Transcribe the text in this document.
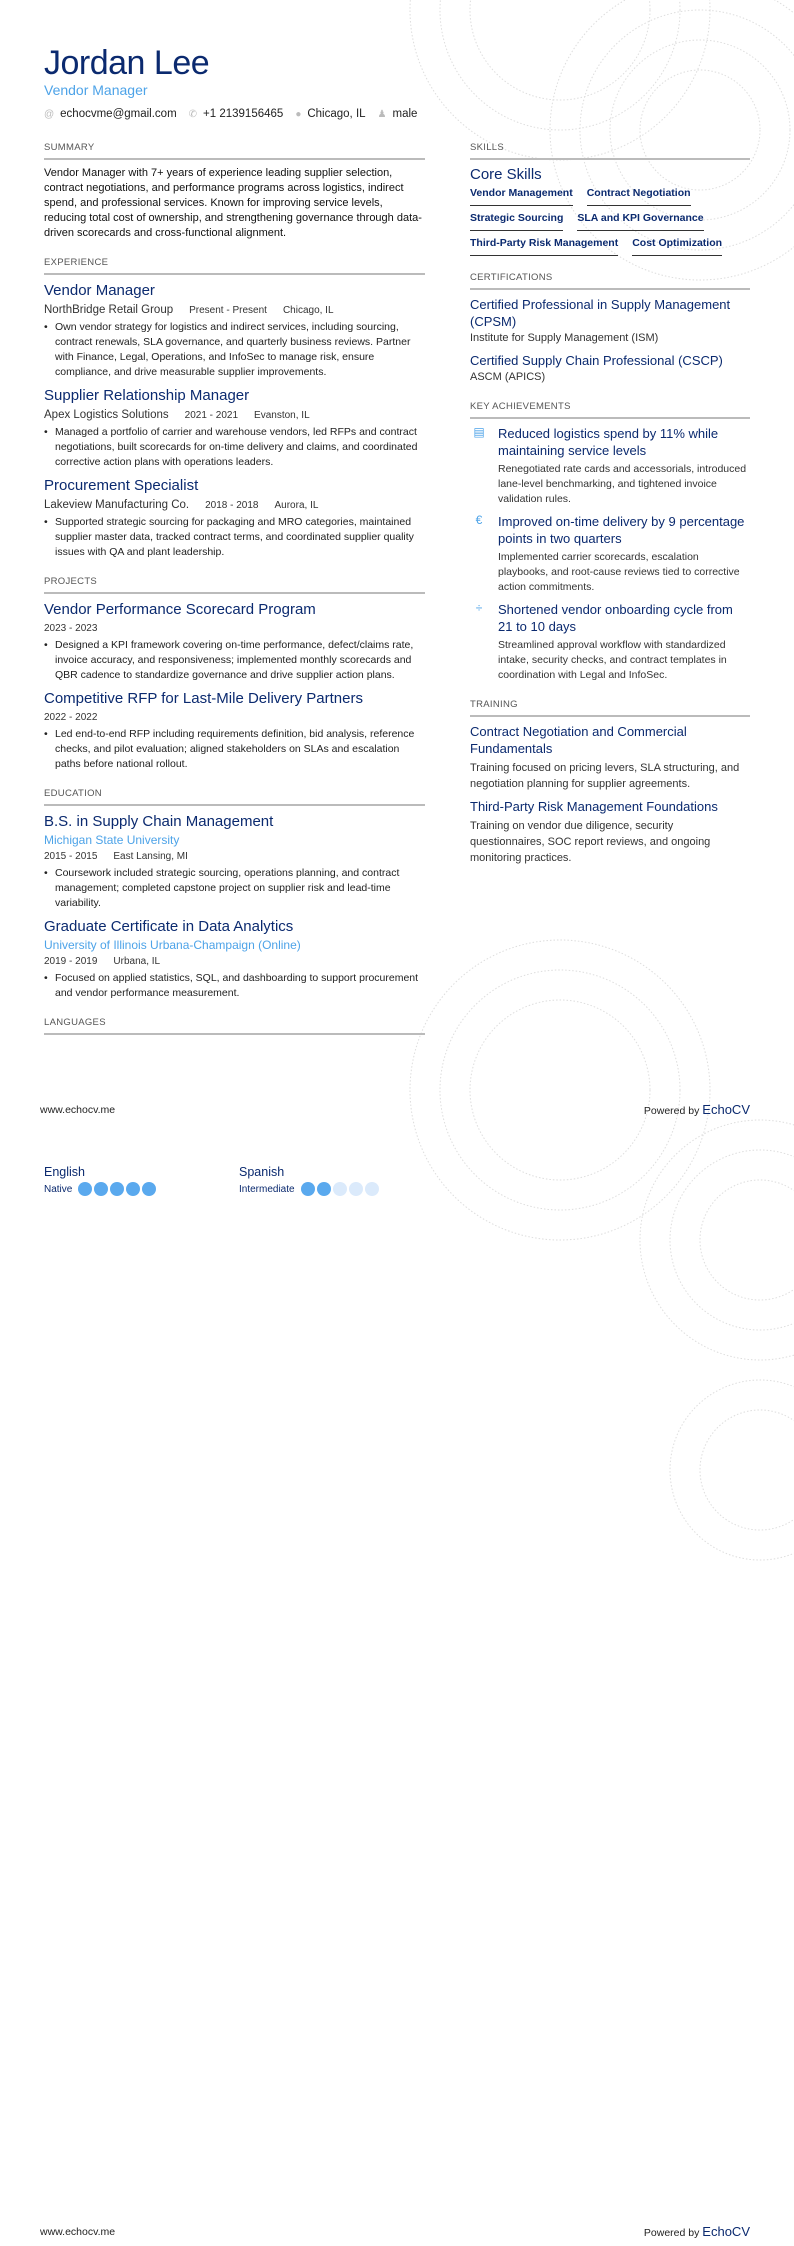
Jordan Lee
Vendor Manager
@ echocvme@gmail.com ✆ +1 2139156465 ● Chicago, IL ♟ male
SUMMARY
Vendor Manager with 7+ years of experience leading supplier selection, contract negotiations, and performance programs across logistics, indirect spend, and professional services. Known for improving service levels, reducing total cost of ownership, and strengthening governance through data-driven scorecards and cross-functional alignment.
EXPERIENCE
Vendor Manager
NorthBridge Retail Group Present - Present Chicago, IL
• Own vendor strategy for logistics and indirect services, including sourcing, contract renewals, SLA governance, and quarterly business reviews. Partner with Finance, Legal, Operations, and InfoSec to manage risk, ensure compliance, and drive measurable supplier improvements.
Supplier Relationship Manager
Apex Logistics Solutions 2021 - 2021 Evanston, IL
• Managed a portfolio of carrier and warehouse vendors, led RFPs and contract negotiations, built scorecards for on-time delivery and claims, and coordinated corrective action plans with operations leaders.
Procurement Specialist
Lakeview Manufacturing Co. 2018 - 2018 Aurora, IL
• Supported strategic sourcing for packaging and MRO categories, maintained supplier master data, tracked contract terms, and coordinated supplier quality issues with QA and plant leadership.
PROJECTS
Vendor Performance Scorecard Program
2023 - 2023
• Designed a KPI framework covering on-time performance, defect/claims rate, invoice accuracy, and responsiveness; implemented monthly scorecards and QBR cadence to standardize governance and drive supplier action plans.
Competitive RFP for Last-Mile Delivery Partners
2022 - 2022
• Led end-to-end RFP including requirements definition, bid analysis, reference checks, and pilot evaluation; aligned stakeholders on SLAs and escalation paths before national rollout.
EDUCATION
B.S. in Supply Chain Management
Michigan State University
2015 - 2015 East Lansing, MI
• Coursework included strategic sourcing, operations planning, and contract management; completed capstone project on supplier risk and lead-time variability.
Graduate Certificate in Data Analytics
University of Illinois Urbana-Champaign (Online)
2019 - 2019 Urbana, IL
• Focused on applied statistics, SQL, and dashboarding to support procurement and vendor performance measurement.
LANGUAGES
SKILLS
Core Skills
Vendor Management Contract Negotiation
Strategic Sourcing SLA and KPI Governance
Third-Party Risk Management Cost Optimization
CERTIFICATIONS
Certified Professional in Supply Management (CPSM)
Institute for Supply Management (ISM)
Certified Supply Chain Professional (CSCP)
ASCM (APICS)
KEY ACHIEVEMENTS
▤ Reduced logistics spend by 11% while maintaining service levels
Renegotiated rate cards and accessorials, introduced lane-level benchmarking, and tightened invoice validation rules.
€	Improved on-time delivery by 9 percentage points in two quarters
Implemented carrier scorecards, escalation playbooks, and root-cause reviews tied to corrective action commitments.
÷	Shortened vendor onboarding cycle from 21 to 10 days
Streamlined approval workflow with standardized intake, security checks, and contract templates in coordination with Legal and InfoSec.
TRAINING
Contract Negotiation and Commercial Fundamentals
Training focused on pricing levers, SLA structuring, and negotiation planning for supplier agreements.
Third-Party Risk Management Foundations
Training on vendor due diligence, security questionnaires, SOC report reviews, and ongoing monitoring practices.
www.echocv.me	Powered by EchoCV
English
Native
Spanish
Intermediate
www.echocv.me	Powered by EchoCV
